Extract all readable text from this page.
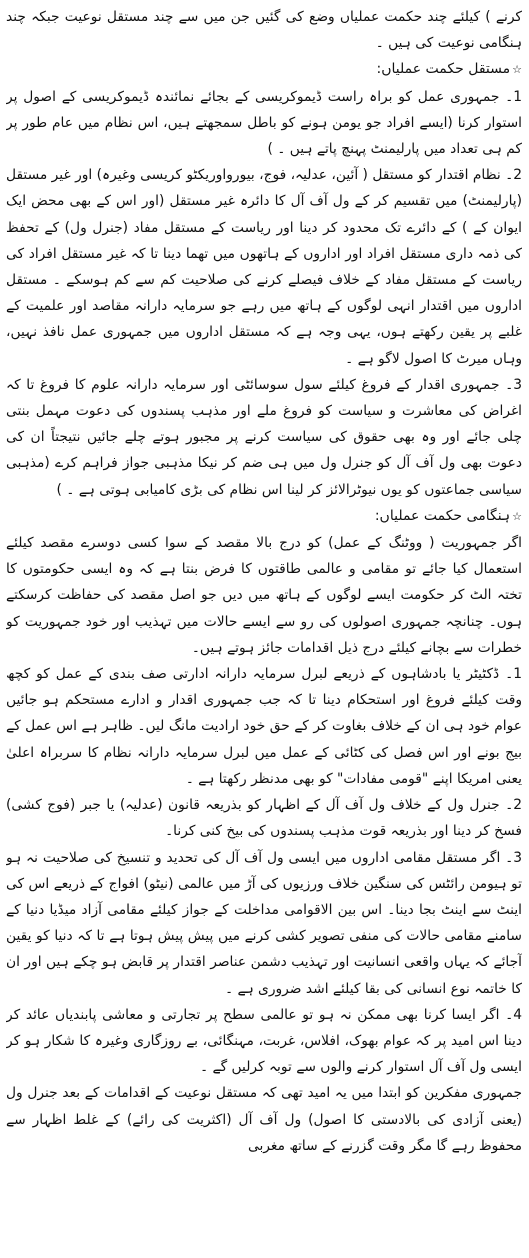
کرنے ) کیلئے چند حکمت عملیاں وضع کی گئیں جن میں سے چند مستقل نوعیت جبکہ چند ہنگامی نوعیت کی ہیں ۔

☆مستقل حکمت عملیاں:

1۔ جمہوری عمل کو براہ راست ڈیموکریسی کے بجائے نمائندہ ڈیموکریسی کے اصول پر استوار کرنا (ایسے افراد جو یومن ہونے کو باطل سمجھتے ہیں، اس نظام میں عام طور پر کم ہی تعداد میں پارلیمنٹ پہنچ پاتے ہیں ۔ )

2۔ نظام اقتدار کو مستقل ( آئین، عدلیہ، فوج، بیورواوریکٹو کریسی وغیرہ) اور غیر مستقل (پارلیمنٹ) میں تقسیم کر کے ول آف آل کا دائرہ غیر مستقل (اور اس کے بھی محض ایک ایوان کے ) کے دائرے تک محدود کر دینا اور ریاست کے مستقل مفاد (جنرل ول) کے تحفظ کی ذمہ داری مستقل افراد اور اداروں کے ہاتھوں میں تھما دینا تا کہ غیر مستقل افراد کی ریاست کے مستقل مفاد کے خلاف فیصلے کرنے کی صلاحیت کم سے کم ہوسکے ۔ مستقل اداروں میں اقتدار انہی لوگوں کے ہاتھ میں رہے جو سرمایہ دارانہ مقاصد اور علمیت کے غلبے پر یقین رکھتے ہوں، یہی وجہ ہے کہ مستقل اداروں میں جمہوری عمل نافذ نہیں، وہاں میرٹ کا اصول لاگو ہے ۔

3۔ جمہوری اقدار کے فروغ کیلئے سول سوسائٹی اور سرمایہ دارانہ علوم کا فروغ تا کہ اغراض کی معاشرت و سیاست کو فروغ ملے اور مذہب پسندوں کی دعوت مہمل بنتی چلی جائے اور وہ بھی حقوق کی سیاست کرنے پر مجبور ہوتے چلے جائیں نتیجتاً ان کی دعوت بھی ول آف آل کو جنرل ول میں ہی ضم کر نیکا مذہبی جواز فراہم کرے (مذہبی سیاسی جماعتوں کو یوں نیوٹرالائز کر لینا اس نظام کی بڑی کامیابی ہوتی ہے ۔ )

☆ہنگامی حکمت عملیاں:

اگر جمہوریت ( ووٹنگ کے عمل) کو درج بالا مقصد کے سوا کسی دوسرے مقصد کیلئے استعمال کیا جائے تو مقامی و عالمی طاقتوں کا فرض بنتا ہے کہ وہ ایسی حکومتوں کا تختہ الٹ کر حکومت ایسے لوگوں کے ہاتھ میں دیں جو اصل مقصد کی حفاظت کرسکتے ہوں۔ چنانچہ جمہوری اصولوں کی رو سے ایسے حالات میں تہذیب اور خود جمہوریت کو خطرات سے بچانے کیلئے درج ذیل اقدامات جائز ہوتے ہیں۔

1۔ ڈکٹیٹر یا بادشاہوں کے ذریعے لبرل سرمایہ دارانہ ادارتی صف بندی کے عمل کو کچھ وقت کیلئے فروغ اور استحکام دینا تا کہ جب جمہوری اقدار و ادارے مستحکم ہو جائیں عوام خود ہی ان کے خلاف بغاوت کر کے حق خود ارادیت مانگ لیں۔ ظاہر ہے اس عمل کے بیج بونے اور اس فصل کی کٹائی کے عمل میں لبرل سرمایہ دارانہ نظام کا سربراہ اعلیٰ یعنی امریکا اپنے "قومی مفادات" کو بھی مدنظر رکھتا ہے ۔

2۔ جنرل ول کے خلاف ول آف آل کے اظہار کو بذریعہ قانون (عدلیہ) یا جبر (فوج کشی) فسخ کر دینا اور بذریعہ قوت مذہب پسندوں کی بیخ کنی کرنا۔

3۔ اگر مستقل مقامی اداروں میں ایسی ول آف آل کی تحدید و تنسیخ کی صلاحیت نہ ہو تو ہیومن رائٹس کی سنگین خلاف ورزیوں کی آڑ میں عالمی (نیٹو) افواج کے ذریعے اس کی اینٹ سے اینٹ بجا دینا۔ اس بین الاقوامی مداخلت کے جواز کیلئے مقامی آزاد میڈیا دنیا کے سامنے مقامی حالات کی منفی تصویر کشی کرنے میں پیش پیش ہوتا ہے تا کہ دنیا کو یقین آجائے کہ یہاں واقعی انسانیت اور تہذیب دشمن عناصر اقتدار پر قابض ہو چکے ہیں اور ان کا خاتمہ نوع انسانی کی بقا کیلئے اشد ضروری ہے ۔

4۔ اگر ایسا کرنا بھی ممکن نہ ہو تو عالمی سطح پر تجارتی و معاشی پابندیاں عائد کر دینا اس امید پر کہ عوام بھوک، افلاس، غربت، مہنگائی، بے روزگاری وغیرہ کا شکار ہو کر ایسی ول آف آل استوار کرنے والوں سے توبہ کرلیں گے ۔

جمہوری مفکرین کو ابتدا میں یہ امید تھی کہ مستقل نوعیت کے اقدامات کے بعد جنرل ول (یعنی آزادی کی بالادستی کا اصول) ول آف آل (اکثریت کی رائے) کے غلط اظہار سے محفوظ رہے گا مگر وقت گزرنے کے ساتھ مغربی
